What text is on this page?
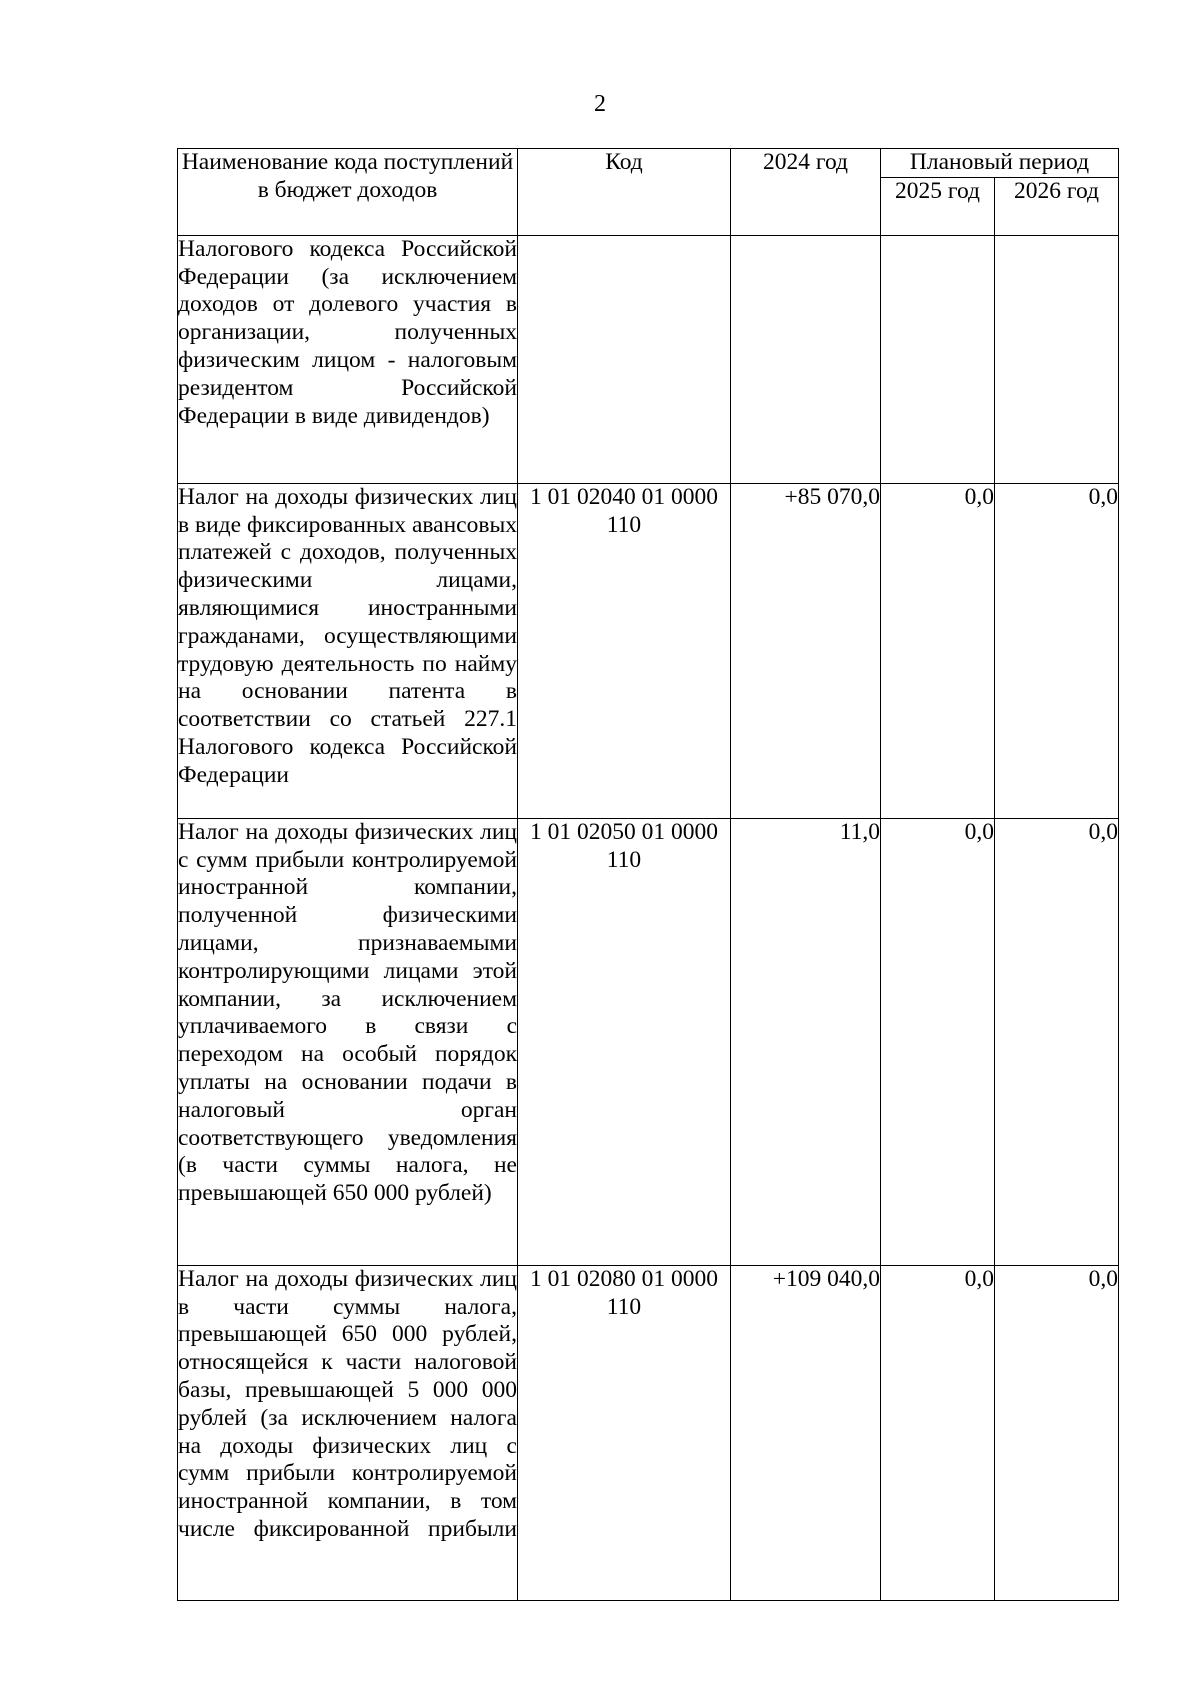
2
Наименование кода поступлений в бюджет доходов	Код	2024 год	Плановый период	
			2025 год	2026 год
Налогового кодекса Российской Федерации (за исключением доходов от долевого участия в организации, полученных физическим лицом - налоговым резидентом Российской Федерации в виде дивидендов)				
Налог на доходы физических лиц в виде фиксированных авансовых платежей с доходов, полученных физическими лицами, являющимися иностранными гражданами, осуществляющими трудовую деятельность по найму на основании патента в соответствии со статьей 227.1 Налогового кодекса Российской Федерации	1 01 02040 01 0000 110	+85 070,0	0,0	0,0
Налог на доходы физических лиц с сумм прибыли контролируемой иностранной компании, полученной физическими лицами, признаваемыми контролирующими лицами этой компании, за исключением уплачиваемого в связи с переходом на особый порядок уплаты на основании подачи в налоговый орган соответствующего уведомления (в части суммы налога, не превышающей 650 000 рублей)	1 01 02050 01 0000 110	11,0	0,0	0,0
Налог на доходы физических лиц в части суммы налога, превышающей 650 000 рублей, относящейся к части налоговой базы, превышающей 5 000 000 рублей (за исключением налога на доходы физических лиц с сумм прибыли контролируемой иностранной компании, в том числе фиксированной прибыли	1 01 02080 01 0000 110	+109 040,0	0,0	0,0
